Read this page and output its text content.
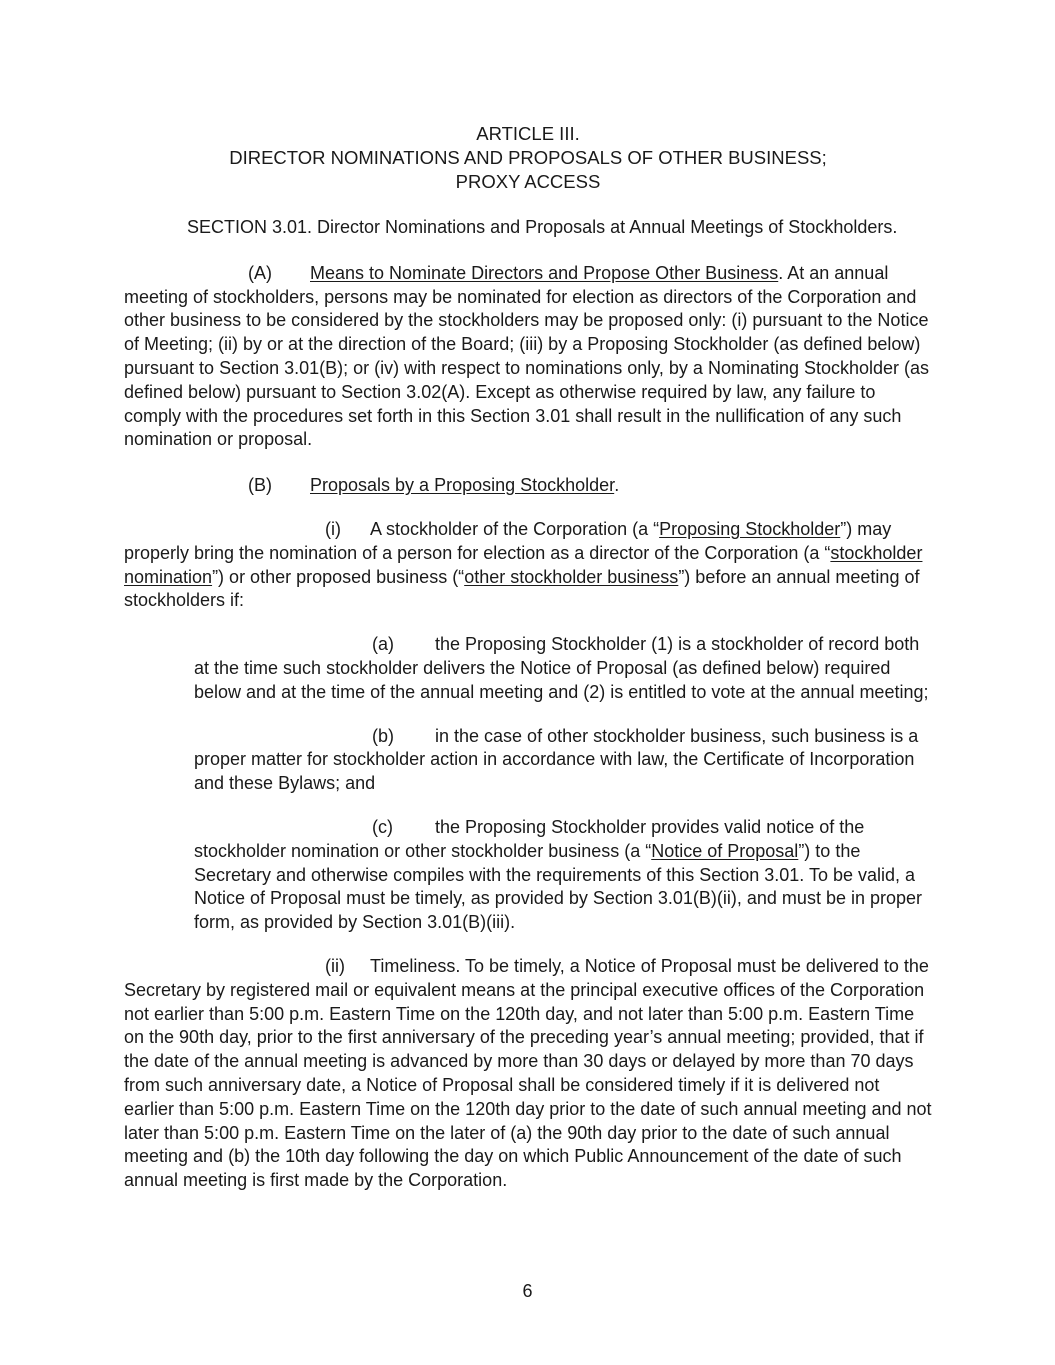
ARTICLE III.
DIRECTOR NOMINATIONS AND PROPOSALS OF OTHER BUSINESS;
PROXY ACCESS

SECTION 3.01. Director Nominations and Proposals at Annual Meetings of Stockholders.

(A) Means to Nominate Directors and Propose Other Business. At an annual meeting of stockholders, persons may be nominated for election as directors of the Corporation and other business to be considered by the stockholders may be proposed only: (i) pursuant to the Notice of Meeting; (ii) by or at the direction of the Board; (iii) by a Proposing Stockholder (as defined below) pursuant to Section 3.01(B); or (iv) with respect to nominations only, by a Nominating Stockholder (as defined below) pursuant to Section 3.02(A). Except as otherwise required by law, any failure to comply with the procedures set forth in this Section 3.01 shall result in the nullification of any such nomination or proposal.

(B) Proposals by a Proposing Stockholder.

(i) A stockholder of the Corporation (a “Proposing Stockholder”) may properly bring the nomination of a person for election as a director of the Corporation (a “stockholder nomination”) or other proposed business (“other stockholder business”) before an annual meeting of stockholders if:

(a) the Proposing Stockholder (1) is a stockholder of record both at the time such stockholder delivers the Notice of Proposal (as defined below) required below and at the time of the annual meeting and (2) is entitled to vote at the annual meeting;

(b) in the case of other stockholder business, such business is a proper matter for stockholder action in accordance with law, the Certificate of Incorporation and these Bylaws; and

(c) the Proposing Stockholder provides valid notice of the stockholder nomination or other stockholder business (a “Notice of Proposal”) to the Secretary and otherwise compiles with the requirements of this Section 3.01. To be valid, a Notice of Proposal must be timely, as provided by Section 3.01(B)(ii), and must be in proper form, as provided by Section 3.01(B)(iii).

(ii) Timeliness. To be timely, a Notice of Proposal must be delivered to the Secretary by registered mail or equivalent means at the principal executive offices of the Corporation not earlier than 5:00 p.m. Eastern Time on the 120th day, and not later than 5:00 p.m. Eastern Time on the 90th day, prior to the first anniversary of the preceding year’s annual meeting; provided, that if the date of the annual meeting is advanced by more than 30 days or delayed by more than 70 days from such anniversary date, a Notice of Proposal shall be considered timely if it is delivered not earlier than 5:00 p.m. Eastern Time on the 120th day prior to the date of such annual meeting and not later than 5:00 p.m. Eastern Time on the later of (a) the 90th day prior to the date of such annual meeting and (b) the 10th day following the day on which Public Announcement of the date of such annual meeting is first made by the Corporation.

6
